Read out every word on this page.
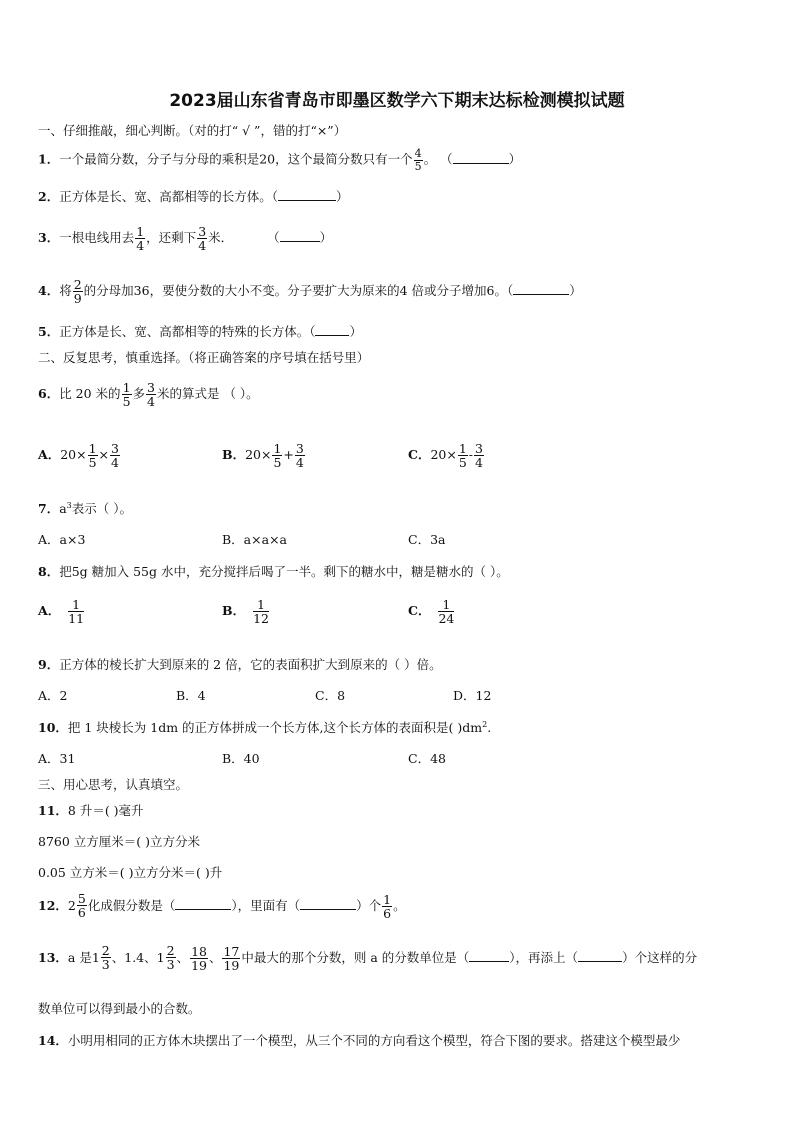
2023届山东省青岛市即墨区数学六下期末达标检测模拟试题
一、仔细推敲，细心判断。（对的打“ √ ”，错的打“×”）
1．一个最简分数，分子与分母的乘积是20，这个最简分数只有一个 $\frac{4}{5}$ 。 （	）
2．正方体是长、宽、高都相等的长方体。（	）
3．一根电线用去 $\frac{1}{4}$ ，还剩下 $\frac{3}{4}$ 米．	（	）
4．将 $\frac{2}{9}$ 的分母加36，要使分数的大小不变。分子要扩大为原来的4 倍或分子增加6。（	）
5．正方体是长、宽、高都相等的特殊的长方体。（	）
二、反复思考，慎重选择。（将正确答案的序号填在括号里）
6．比 20 米的 $\frac{1}{5}$ 多 $\frac{3}{4}$ 米的算式是 （ ）。
A．$20\times \frac{1}{5} \times \frac{3}{4}$	B．$20\times \frac{1}{5} + \frac{3}{4}$	C．$20\times \frac{1}{5} - \frac{3}{4}$
7．$a^3$表示（ ）。
A．a×3	B．a×a×a	C．3a
8．把5g 糖加入 55g 水中，充分搅拌后喝了一半。剩下的糖水中，糖是糖水的（ ）。
A． $\frac{1}{11}$	B． $\frac{1}{12}$	C． $\frac{1}{24}$
9．正方体的棱长扩大到原来的 2 倍，它的表面积扩大到原来的（ ）倍。
A．2	B．4	C．8	D．12
10．把 1 块棱长为 1dm 的正方体拼成一个长方体,这个长方体的表面积是( )$dm^2$.
A．31	B．40	C．48
三、用心思考，认真填空。
11．8 升＝( )毫升
8760 立方厘米＝( )立方分米
0.05 立方米＝( )立方分米＝( )升
12． $2 \frac{5}{6}$ 化成假分数是（	），里面有（	）个 $\frac{1}{6}$ 。
13．a 是 $1 \frac{2}{3}$ 、1.4、 $1 \frac{2}{3}$ 、 $\frac{18}{19}$ 、 $\frac{17}{19}$ 中最大的那个分数，则 a 的分数单位是（	），再添上（	）个这样的分
数单位可以得到最小的合数。
14．小明用相同的正方体木块摆出了一个模型，从三个不同的方向看这个模型，符合下图的要求。搭建这个模型最少
